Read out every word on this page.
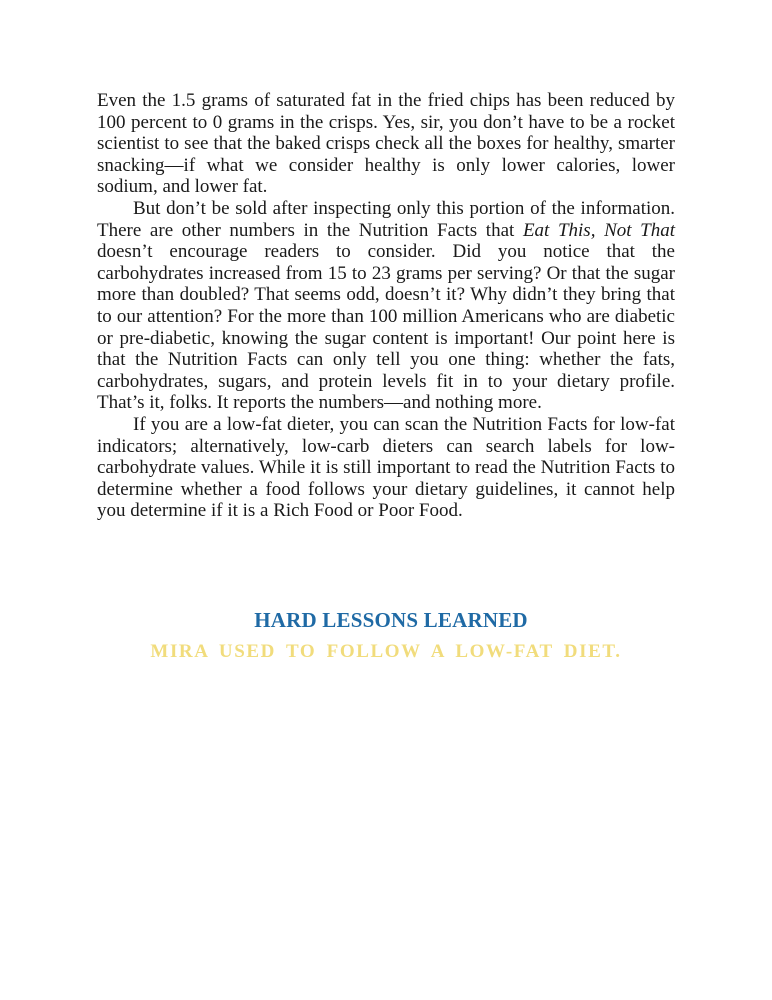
Even the 1.5 grams of saturated fat in the fried chips has been reduced by 100 percent to 0 grams in the crisps. Yes, sir, you don’t have to be a rocket scientist to see that the baked crisps check all the boxes for healthy, smarter snacking—if what we consider healthy is only lower calories, lower sodium, and lower fat.

But don’t be sold after inspecting only this portion of the information. There are other numbers in the Nutrition Facts that Eat This, Not That doesn’t encourage readers to consider. Did you notice that the carbohydrates increased from 15 to 23 grams per serving? Or that the sugar more than doubled? That seems odd, doesn’t it? Why didn’t they bring that to our attention? For the more than 100 million Americans who are diabetic or pre-diabetic, knowing the sugar content is important! Our point here is that the Nutrition Facts can only tell you one thing: whether the fats, carbohydrates, sugars, and protein levels fit in to your dietary profile. That’s it, folks. It reports the numbers—and nothing more.

If you are a low-fat dieter, you can scan the Nutrition Facts for low-fat indicators; alternatively, low-carb dieters can search labels for low-carbohydrate values. While it is still important to read the Nutrition Facts to determine whether a food follows your dietary guidelines, it cannot help you determine if it is a Rich Food or Poor Food.

HARD LESSONS LEARNED
MIRA USED TO FOLLOW A LOW-FAT DIET.
